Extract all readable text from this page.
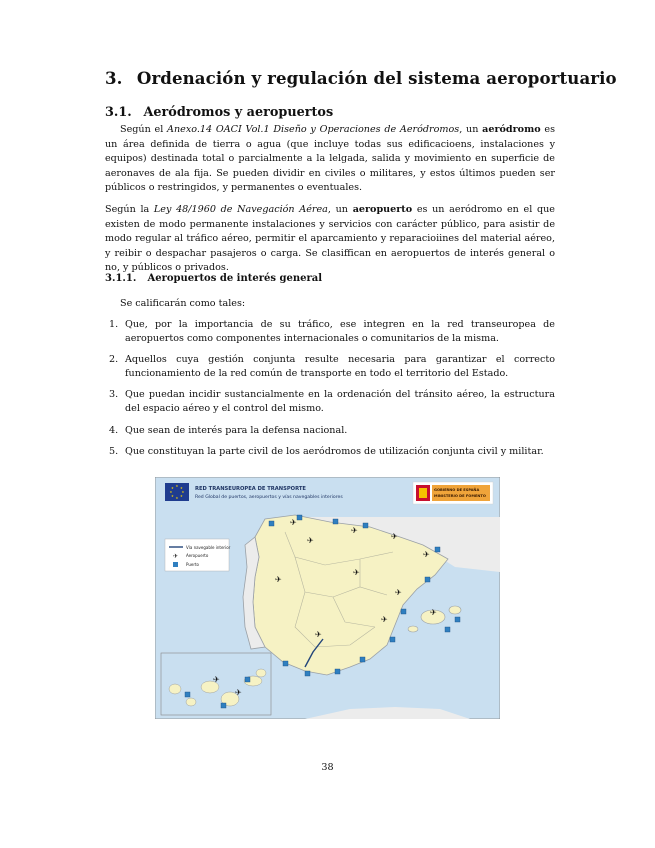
3. Ordenación y regulación del sistema aeroportuario
3.1. Aeródromos y aeropuertos

Según el Anexo.14 OACI Vol.1 Diseño y Operaciones de Aeródromos, un aeródromo es un área definida de tierra o agua (que incluye todas sus edificacioens, instalaciones y equipos) destinada total o parcialmente a la lelgada, salida y movimiento en superficie de aeronaves de ala fija. Se pueden dividir en civiles o militares, y estos últimos pueden ser públicos o restringidos, y permanentes o eventuales.

Según la Ley 48/1960 de Navegación Aérea, un aeropuerto es un aeródromo en el que existen de modo permanente instalaciones y servicios con carácter público, para asistir de modo regular al tráfico aéreo, permitir el aparcamiento y reparacioiines del material aéreo, y reibir o despachar pasajeros o carga. Se clasiffican en aeropuertos de interés general o no, y públicos o privados.

3.1.1. Aeropuertos de interés general
Se calificarán como tales:
1. Que, por la importancia de su tráfico, ese integren en la red transeuropea de aeropuertos como componentes internacionales o comunitarios de la misma.
2. Aquellos cuya gestión conjunta resulte necesaria para garantizar el correcto funcionamiento de la red común de transporte en todo el territorio del Estado.
3. Que puedan incidir sustancialmente en la ordenación del tránsito aéreo, la estructura del espacio aéreo y el control del mismo.
4. Que sean de interés para la defensa nacional.
5. Que constituyan la parte civil de los aeródromos de utilización conjunta civil y militar.
✈
✈
✈
✈
✈
✈
✈
✈
✈
✈
✈
✈
✈
★ ★
★
★
★
★
★
★	RED TRANSEUROPEA DE TRANSPORTE
Red Global de puertos, aeropuertos y vías navegables interiores
GOBIERNO DE ESPAÑA
MINISTERIO DE FOMENTO
Vía navegable interior
✈ Aeropuerto
Puerto
38
